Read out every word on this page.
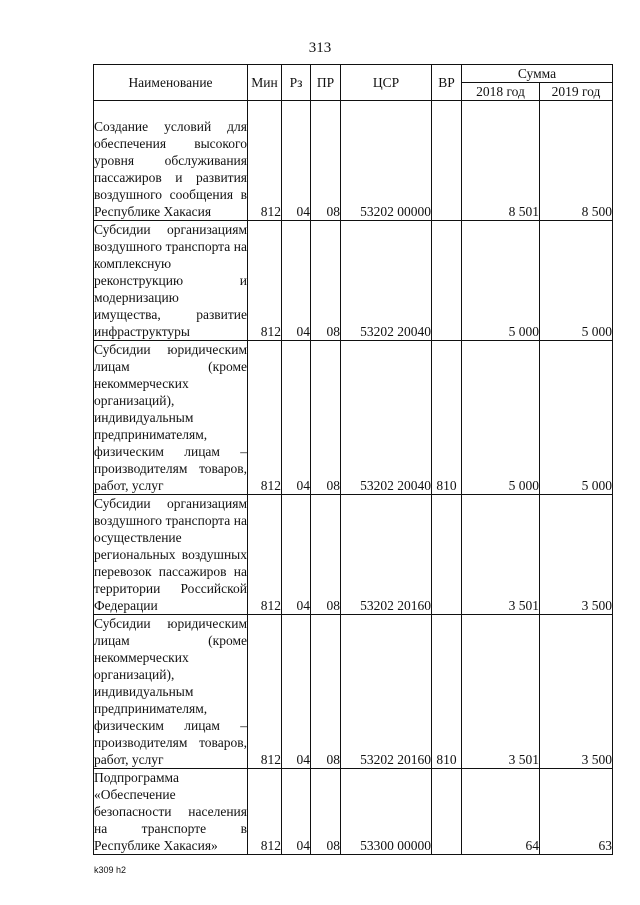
313
Наименование	Мин	Рз	ПР	ЦСР	ВР	Сумма	
						2018 год	2019 год
Создание условий для обеспечения высокого уровня обслуживания пассажиров и развития воздушного сообщения в Республике Хакасия	812	04	08	53202 00000		8 501	8 500
Субсидии организациям воздушного транспорта на комплексную реконструкцию и модернизацию имущества, развитие инфраструктуры	812	04	08	53202 20040		5 000	5 000
Субсидии юридическим лицам (кроме некоммерческих организаций), индивидуальным предпринимателям, физическим лицам – производителям товаров, работ, услуг	812	04	08	53202 20040	810	5 000	5 000
Субсидии организациям воздушного транспорта на осуществление региональных воздушных перевозок пассажиров на территории Российской Федерации	812	04	08	53202 20160		3 501	3 500
Субсидии юридическим лицам (кроме некоммерческих организаций), индивидуальным предпринимателям, физическим лицам – производителям товаров, работ, услуг	812	04	08	53202 20160	810	3 501	3 500
Подпрограмма «Обеспечение безопасности населения на транспорте в Республике Хакасия»	812	04	08	53300 00000		64	63
k309 h2
